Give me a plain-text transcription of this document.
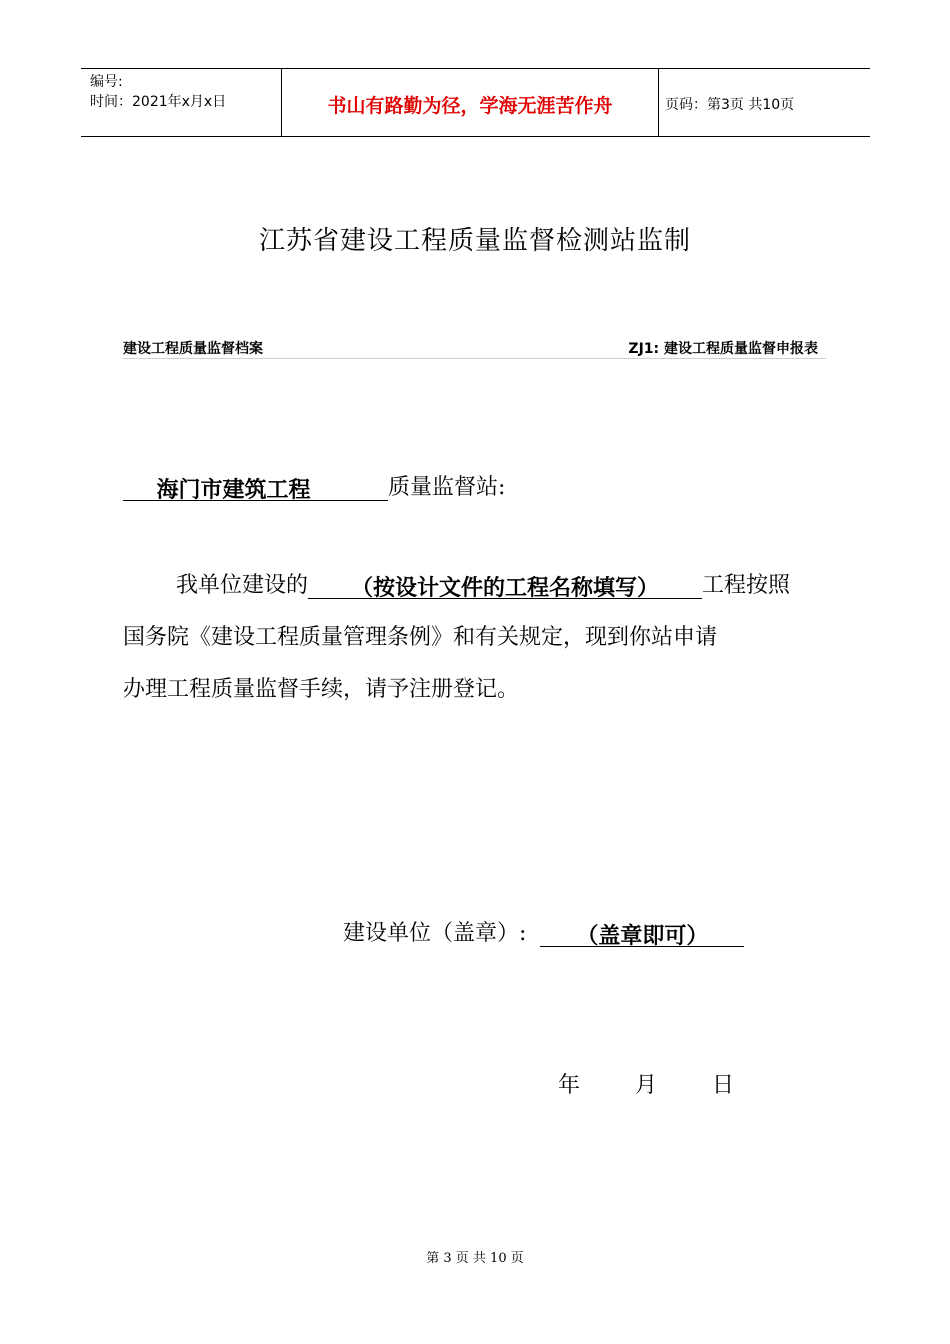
编号:
时间：2021年x月x日	书山有路勤为径，学海无涯苦作舟	页码：第3页 共10页
江苏省建设工程质量监督检测站监制
建设工程质量监督档案	ZJ1: 建设工程质量监督申报表
海门市建筑工程	质量监督站:
我单位建设的 （按设计文件的工程名称填写） 工程按照
国务院《建设工程质量管理条例》和有关规定，现到你站申请
办理工程质量监督手续，请予注册登记。
建设单位（盖章）: （盖章即可）
年 月 日
第 3 页 共 10 页
